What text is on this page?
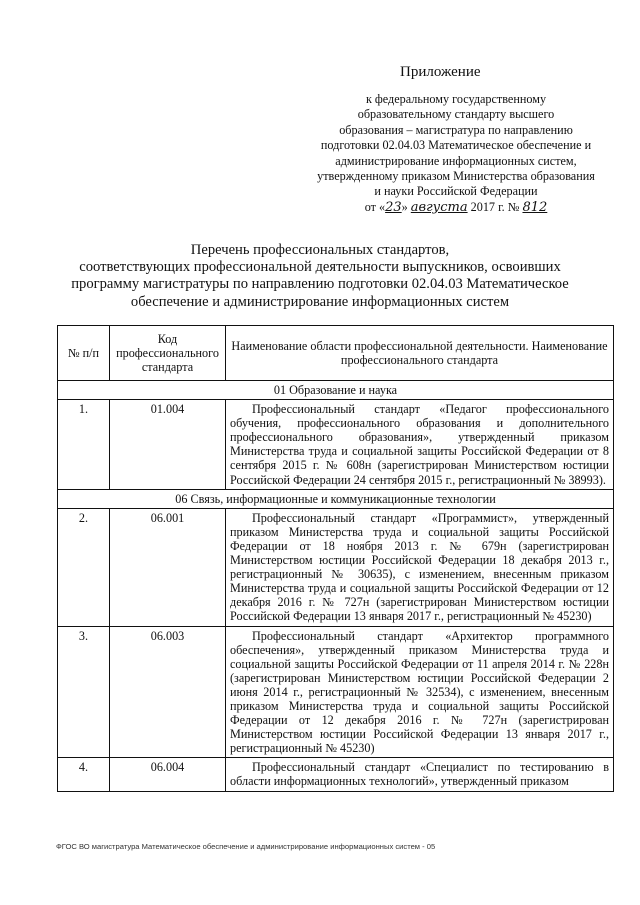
Приложение
к федеральному государственному
образовательному стандарту высшего
образования – магистратура по направлению
подготовки 02.04.03 Математическое обеспечение и
администрирование информационных систем,
утвержденному приказом Министерства образования
и науки Российской Федерации
от «23» августа 2017 г. № 812
Перечень профессиональных стандартов,
соответствующих профессиональной деятельности выпускников, освоивших
программу магистратуры по направлению подготовки 02.04.03 Математическое
обеспечение и администрирование информационных систем
№ п/п	Код профессионального стандарта	Наименование области профессиональной деятельности. Наименование профессионального стандарта
01 Образование и наука		
1.	01.004	Профессиональный стандарт «Педагог профессионального обучения, профессионального образования и дополнительного профессионального образования», утвержденный приказом Министерства труда и социальной защиты Российской Федерации от 8 сентября 2015 г. № 608н (зарегистрирован Министерством юстиции Российской Федерации 24 сентября 2015 г., регистрационный № 38993).

06 Связь, информационные и коммуникационные технологии		
2.	06.001	Профессиональный стандарт «Программист», утвержденный приказом Министерства труда и социальной защиты Российской Федерации от 18 ноября 2013 г. № 679н (зарегистрирован Министерством юстиции Российской Федерации 18 декабря 2013 г., регистрационный № 30635), с изменением, внесенным приказом Министерства труда и социальной защиты Российской Федерации от 12 декабря 2016 г. № 727н (зарегистрирован Министерством юстиции Российской Федерации 13 января 2017 г., регистрационный № 45230)

3.	06.003	Профессиональный стандарт «Архитектор программного обеспечения», утвержденный приказом Министерства труда и социальной защиты Российской Федерации от 11 апреля 2014 г. № 228н (зарегистрирован Министерством юстиции Российской Федерации 2 июня 2014 г., регистрационный № 32534), с изменением, внесенным приказом Министерства труда и социальной защиты Российской Федерации от 12 декабря 2016 г. № 727н (зарегистрирован Министерством юстиции Российской Федерации 13 января 2017 г., регистрационный № 45230)

4.	06.004	Профессиональный стандарт «Специалист по тестированию в области информационных технологий», утвержденный приказом
ФГОС ВО магистратура Математическое обеспечение и администрирование информационных систем - 05
